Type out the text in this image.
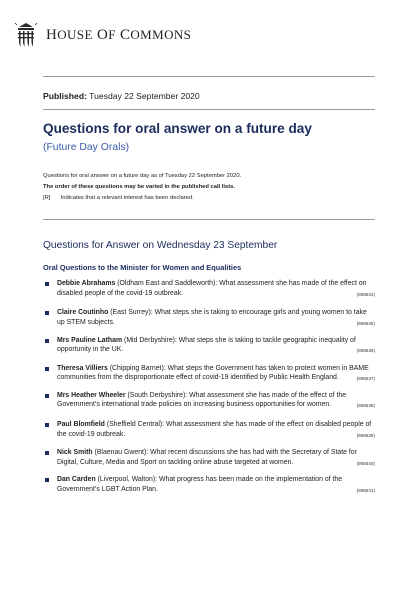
HOUSE OF COMMONS
Published: Tuesday 22 September 2020
Questions for oral answer on a future day
(Future Day Orals)
Questions for oral answer on a future day as of Tuesday 22 September 2020.
The order of these questions may be varied in the published call lists.
[R] Indicates that a relevant interest has been declared.
Questions for Answer on Wednesday 23 September
Oral Questions to the Minister for Women and Equalities
Debbie Abrahams (Oldham East and Saddleworth): What assessment she has made of the effect on disabled people of the covid-19 outbreak.	(906534)
Claire Coutinho (East Surrey): What steps she is taking to encourage girls and young women to take up STEM subjects.	(906535)
Mrs Pauline Latham (Mid Derbyshire): What steps she is taking to tackle geographic inequality of opportunity in the UK.	(906536)
Theresa Villiers (Chipping Barnet): What steps the Government has taken to protect women in BAME communities from the disproportionate effect of covid-19 identified by Public Health England.	(906537)
Mrs Heather Wheeler (South Derbyshire): What assessment she has made of the effect of the Government’s international trade policies on increasing business opportunities for women.	(906538)
Paul Blomfield (Sheffield Central): What assessment she has made of the effect on disabled people of the covid-19 outbreak.	(906539)
Nick Smith (Blaenau Gwent): What recent discussions she has had with the Secretary of State for Digital, Culture, Media and Sport on tackling online abuse targeted at women.	(906540)
Dan Carden (Liverpool, Walton): What progress has been made on the implementation of the Government’s LGBT Action Plan.	(906541)
